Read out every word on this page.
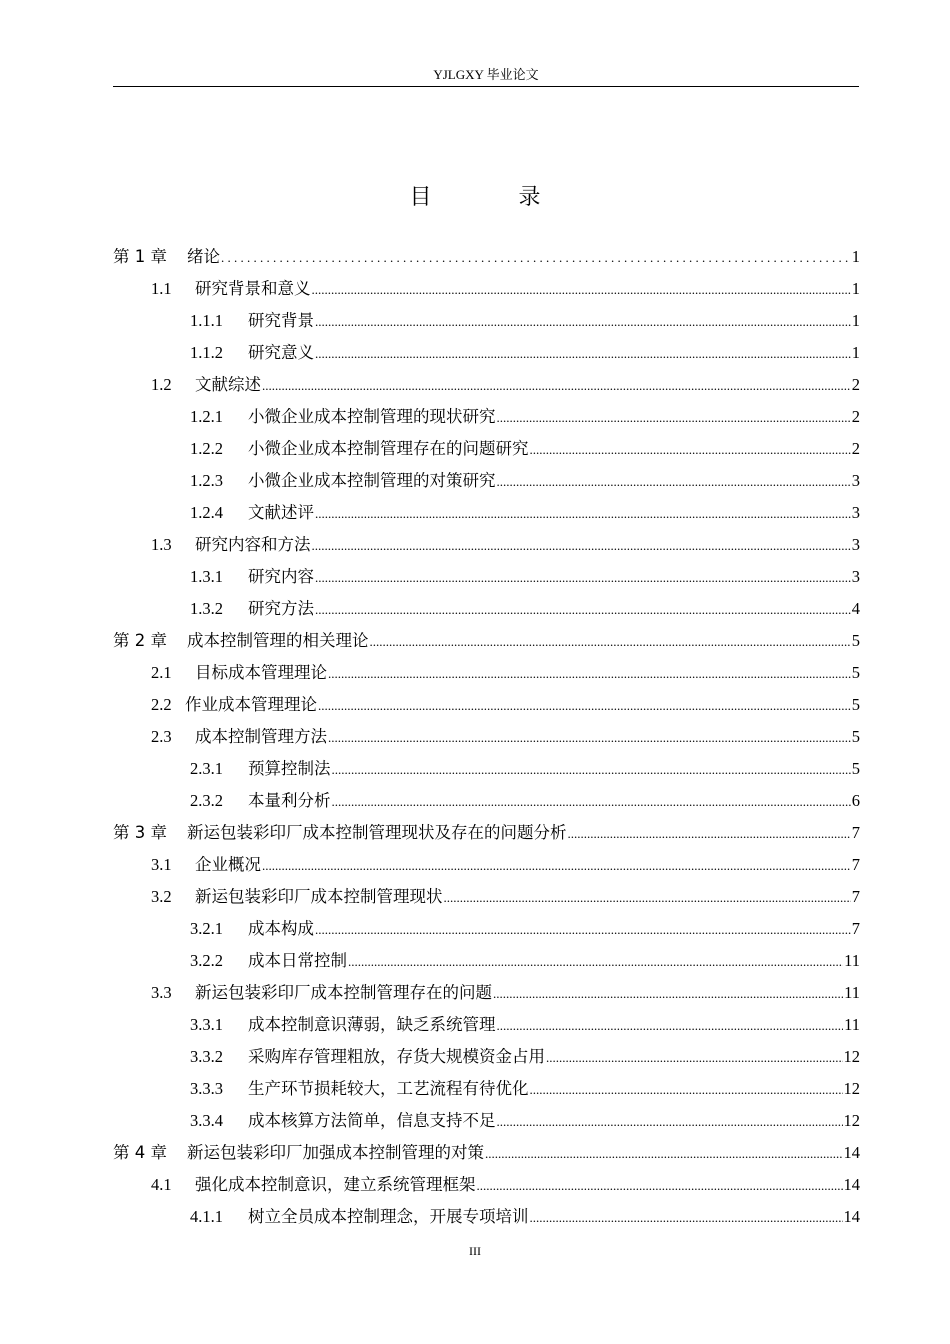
YJLGXY 毕业论文
目 录
第 1 章	绪论 . . .	1
1.1	研究背景和意义 .....	1
1.1.1	研究背景 .....	1
1.1.2	研究意义 .....	1
1.2	文献综述 .....	2
1.2.1	小微企业成本控制管理的现状研究 .....	2
1.2.2	小微企业成本控制管理存在的问题研究 .....	2
1.2.3	小微企业成本控制管理的对策研究 .....	3
1.2.4	文献述评 .....	3
1.3	研究内容和方法 .....	3
1.3.1	研究内容 .....	3
1.3.2	研究方法 .....	4
第 2 章	成本控制管理的相关理论 .....	5
2.1	目标成本管理理论 .....	5
2.2 作业成本管理理论 .....	5
2.3	成本控制管理方法 .....	5
2.3.1	预算控制法 .....	5
2.3.2	本量利分析 .....	6
第 3 章	新运包装彩印厂成本控制管理现状及存在的问题分析 .....	7
3.1	企业概况 .....	7
3.2	新运包装彩印厂成本控制管理现状 .....	7
3.2.1	成本构成 .....	7
3.2.2	成本日常控制 .....	11
3.3	新运包装彩印厂成本控制管理存在的问题 .....	11
3.3.1	成本控制意识薄弱，缺乏系统管理 .....	11
3.3.2	采购库存管理粗放，存货大规模资金占用 .....	12
3.3.3	生产环节损耗较大，工艺流程有待优化 .....	12
3.3.4	成本核算方法简单，信息支持不足 .....	12
第 4 章	新运包装彩印厂加强成本控制管理的对策 .....	14
4.1	强化成本控制意识，建立系统管理框架 .....	14
4.1.1	树立全员成本控制理念，开展专项培训 .....	14
III
